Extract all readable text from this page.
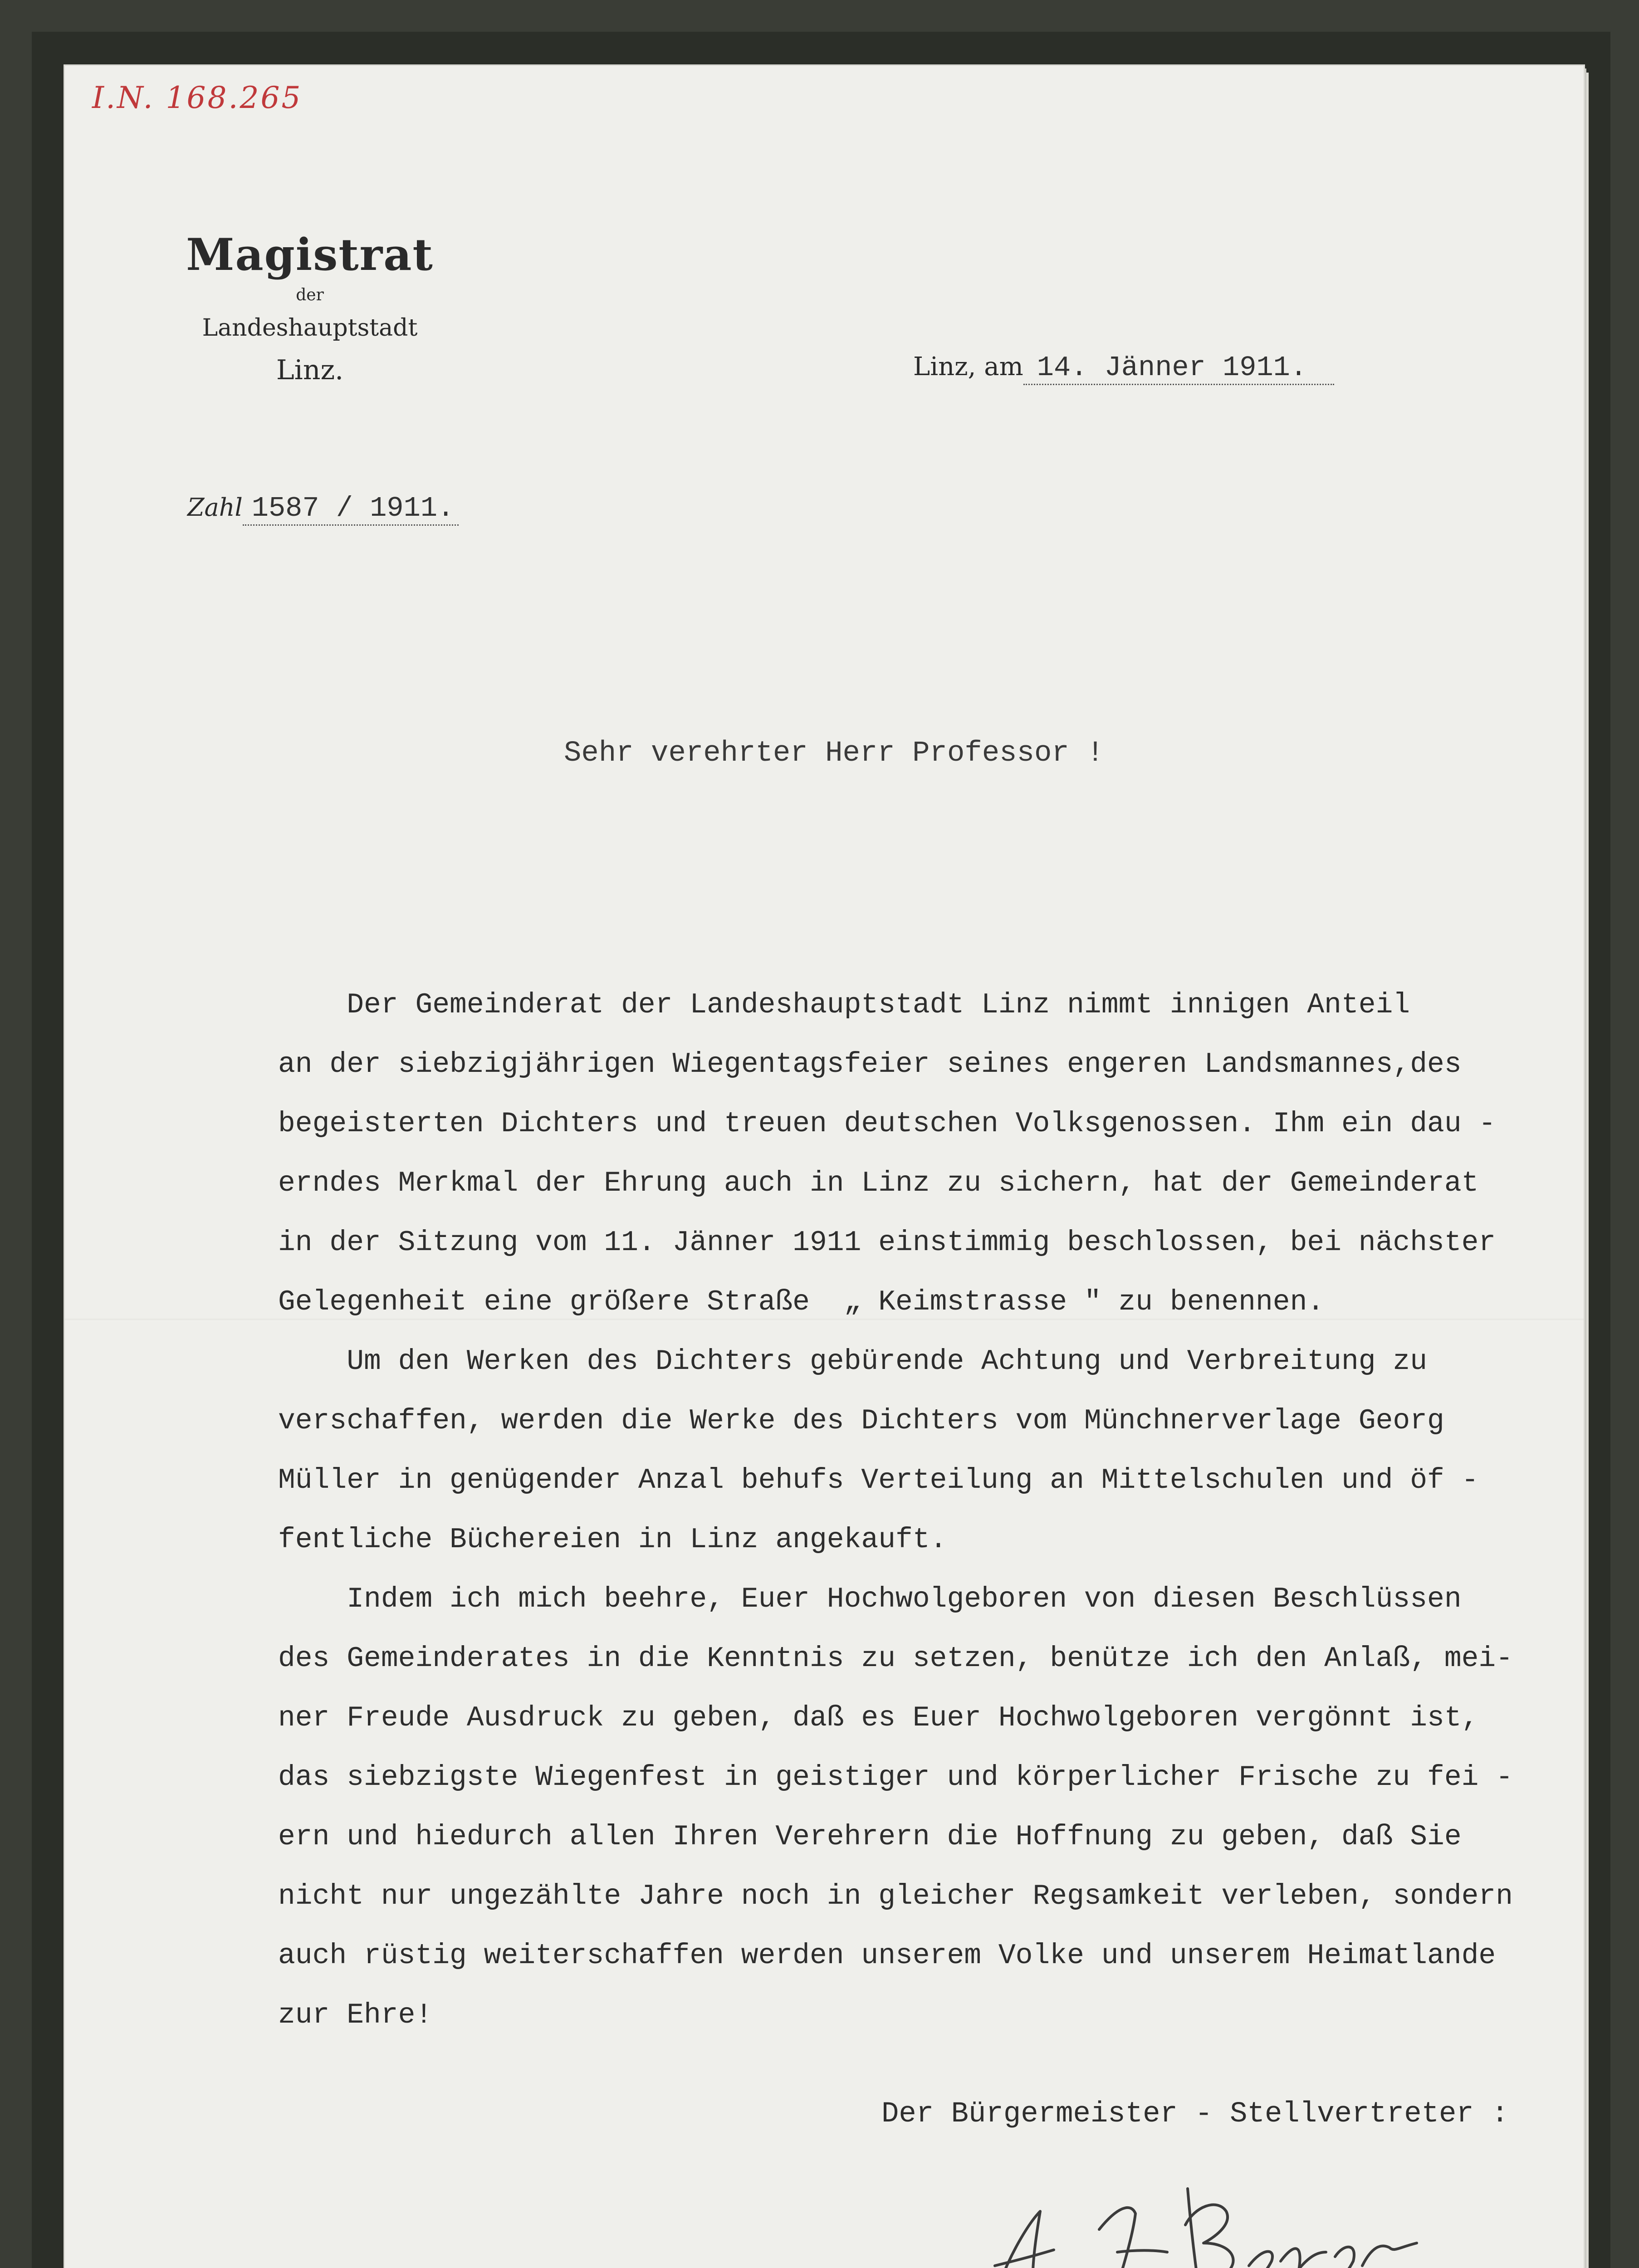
I.N. 168.265
Magistrat
der
Landeshauptstadt
Linz.
Zahl 1587 / 1911.
Linz, am 14. Jänner 1911.
Sehr verehrter Herr Professor !
Der Gemeinderat der Landeshauptstadt Linz nimmt innigen Anteil
an der siebzigjährigen Wiegentagsfeier seines engeren Landsmannes,des
begeisterten Dichters und treuen deutschen Volksgenossen. Ihm ein dau -
erndes Merkmal der Ehrung auch in Linz zu sichern, hat der Gemeinderat
in der Sitzung vom 11. Jänner 1911 einstimmig beschlossen, bei nächster
Gelegenheit eine größere Straße  „ Keimstrasse " zu benennen.
Um den Werken des Dichters gebürende Achtung und Verbreitung zu
verschaffen, werden die Werke des Dichters vom Münchnerverlage Georg
Müller in genügender Anzal behufs Verteilung an Mittelschulen und öf -
fentliche Büchereien in Linz angekauft.
Indem ich mich beehre, Euer Hochwolgeboren von diesen Beschlüssen
des Gemeinderates in die Kenntnis zu setzen, benütze ich den Anlaß, mei-
ner Freude Ausdruck zu geben, daß es Euer Hochwolgeboren vergönnt ist,
das siebzigste Wiegenfest in geistiger und körperlicher Frische zu fei -
ern und hiedurch allen Ihren Verehrern die Hoffnung zu geben, daß Sie
nicht nur ungezählte Jahre noch in gleicher Regsamkeit verleben, sondern
auch rüstig weiterschaffen werden unserem Volke und unserem Heimatlande
zur Ehre!
Der Bürgermeister - Stellvertreter :
